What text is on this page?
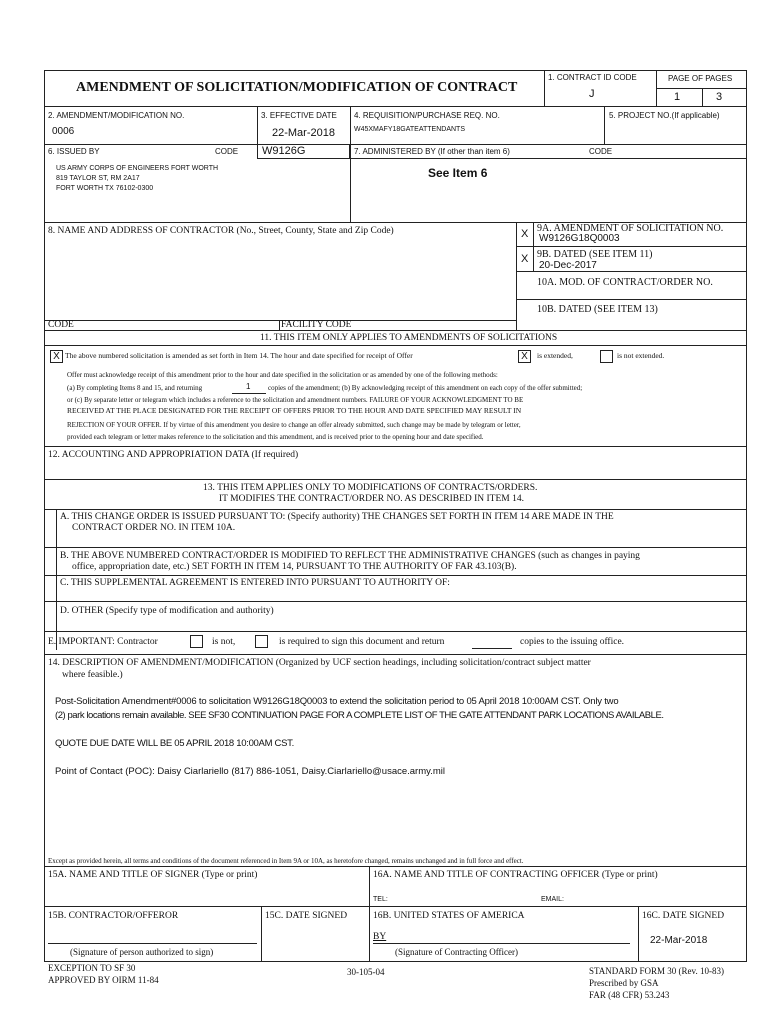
AMENDMENT OF SOLICITATION/MODIFICATION OF CONTRACT
1. CONTRACT ID CODE
J
PAGE OF PAGES
1	3
2. AMENDMENT/MODIFICATION NO.
0006
3. EFFECTIVE DATE
22-Mar-2018
4. REQUISITION/PURCHASE REQ. NO.
W45XMAFY18GATEATTENDANTS
5. PROJECT NO.(If applicable)
6. ISSUED BY	CODE	W9126G
US ARMY CORPS OF ENGINEERS FORT WORTH
819 TAYLOR ST, RM 2A17
FORT WORTH TX 76102-0300
7. ADMINISTERED BY (If other than item 6)	CODE
See Item 6
8. NAME AND ADDRESS OF CONTRACTOR (No., Street, County, State and Zip Code)	X 9A. AMENDMENT OF SOLICITATION NO.
W9126G18Q0003
X 9B. DATED (SEE ITEM 11)
20-Dec-2017
10A. MOD. OF CONTRACT/ORDER NO.
10B. DATED (SEE ITEM 13)
CODE	FACILITY CODE
11. THIS ITEM ONLY APPLIES TO AMENDMENTS OF SOLICITATIONS
X The above numbered solicitation is amended as set forth in Item 14. The hour and date specified for receipt of Offer	X	is extended,	is not extended.
Offer must acknowledge receipt of this amendment prior to the hour and date specified in the solicitation or as amended by one of the following methods:
(a) By completing Items 8 and 15, and returning	1	copies of the amendment; (b) By acknowledging receipt of this amendment on each copy of the offer submitted;
or (c) By separate letter or telegram which includes a reference to the solicitation and amendment numbers. FAILURE OF YOUR ACKNOWLEDGMENT TO BE
RECEIVED AT THE PLACE DESIGNATED FOR THE RECEIPT OF OFFERS PRIOR TO THE HOUR AND DATE SPECIFIED MAY RESULT IN
REJECTION OF YOUR OFFER. If by virtue of this amendment you desire to change an offer already submitted, such change may be made by telegram or letter,
provided each telegram or letter makes reference to the solicitation and this amendment, and is received prior to the opening hour and date specified.
12. ACCOUNTING AND APPROPRIATION DATA (If required)
13. THIS ITEM APPLIES ONLY TO MODIFICATIONS OF CONTRACTS/ORDERS.
IT MODIFIES THE CONTRACT/ORDER NO. AS DESCRIBED IN ITEM 14.
A. THIS CHANGE ORDER IS ISSUED PURSUANT TO: (Specify authority) THE CHANGES SET FORTH IN ITEM 14 ARE MADE IN THE
CONTRACT ORDER NO. IN ITEM 10A.
B. THE ABOVE NUMBERED CONTRACT/ORDER IS MODIFIED TO REFLECT THE ADMINISTRATIVE CHANGES (such as changes in paying
office, appropriation date, etc.) SET FORTH IN ITEM 14, PURSUANT TO THE AUTHORITY OF FAR 43.103(B).
C. THIS SUPPLEMENTAL AGREEMENT IS ENTERED INTO PURSUANT TO AUTHORITY OF:
D. OTHER (Specify type of modification and authority)
E. IMPORTANT: Contractor	is not,	is required to sign this document and return	copies to the issuing office.
14. DESCRIPTION OF AMENDMENT/MODIFICATION (Organized by UCF section headings, including solicitation/contract subject matter
where feasible.)
Post-Solicitation Amendment#0006 to solicitation W9126G18Q0003 to extend the solicitation period to 05 April 2018 10:00AM CST. Only two
(2) park locations remain available. SEE SF30 CONTINUATION PAGE FOR A COMPLETE LIST OF THE GATE ATTENDANT PARK LOCATIONS AVAILABLE.
QUOTE DUE DATE WILL BE 05 APRIL 2018 10:00AM CST.
Point of Contact (POC): Daisy Ciarlariello (817) 886-1051, Daisy.Ciarlariello@usace.army.mil
Except as provided herein, all terms and conditions of the document referenced in Item 9A or 10A, as heretofore changed, remains unchanged and in full force and effect.
15A. NAME AND TITLE OF SIGNER (Type or print)	16A. NAME AND TITLE OF CONTRACTING OFFICER (Type or print)
TEL:	EMAIL:
15B. CONTRACTOR/OFFEROR	15C. DATE SIGNED	16B. UNITED STATES OF AMERICA	16C. DATE SIGNED
BY	22-Mar-2018
(Signature of person authorized to sign)	(Signature of Contracting Officer)
EXCEPTION TO SF 30
APPROVED BY OIRM 11-84
30-105-04	STANDARD FORM 30 (Rev. 10-83)
Prescribed by GSA
FAR (48 CFR) 53.243
